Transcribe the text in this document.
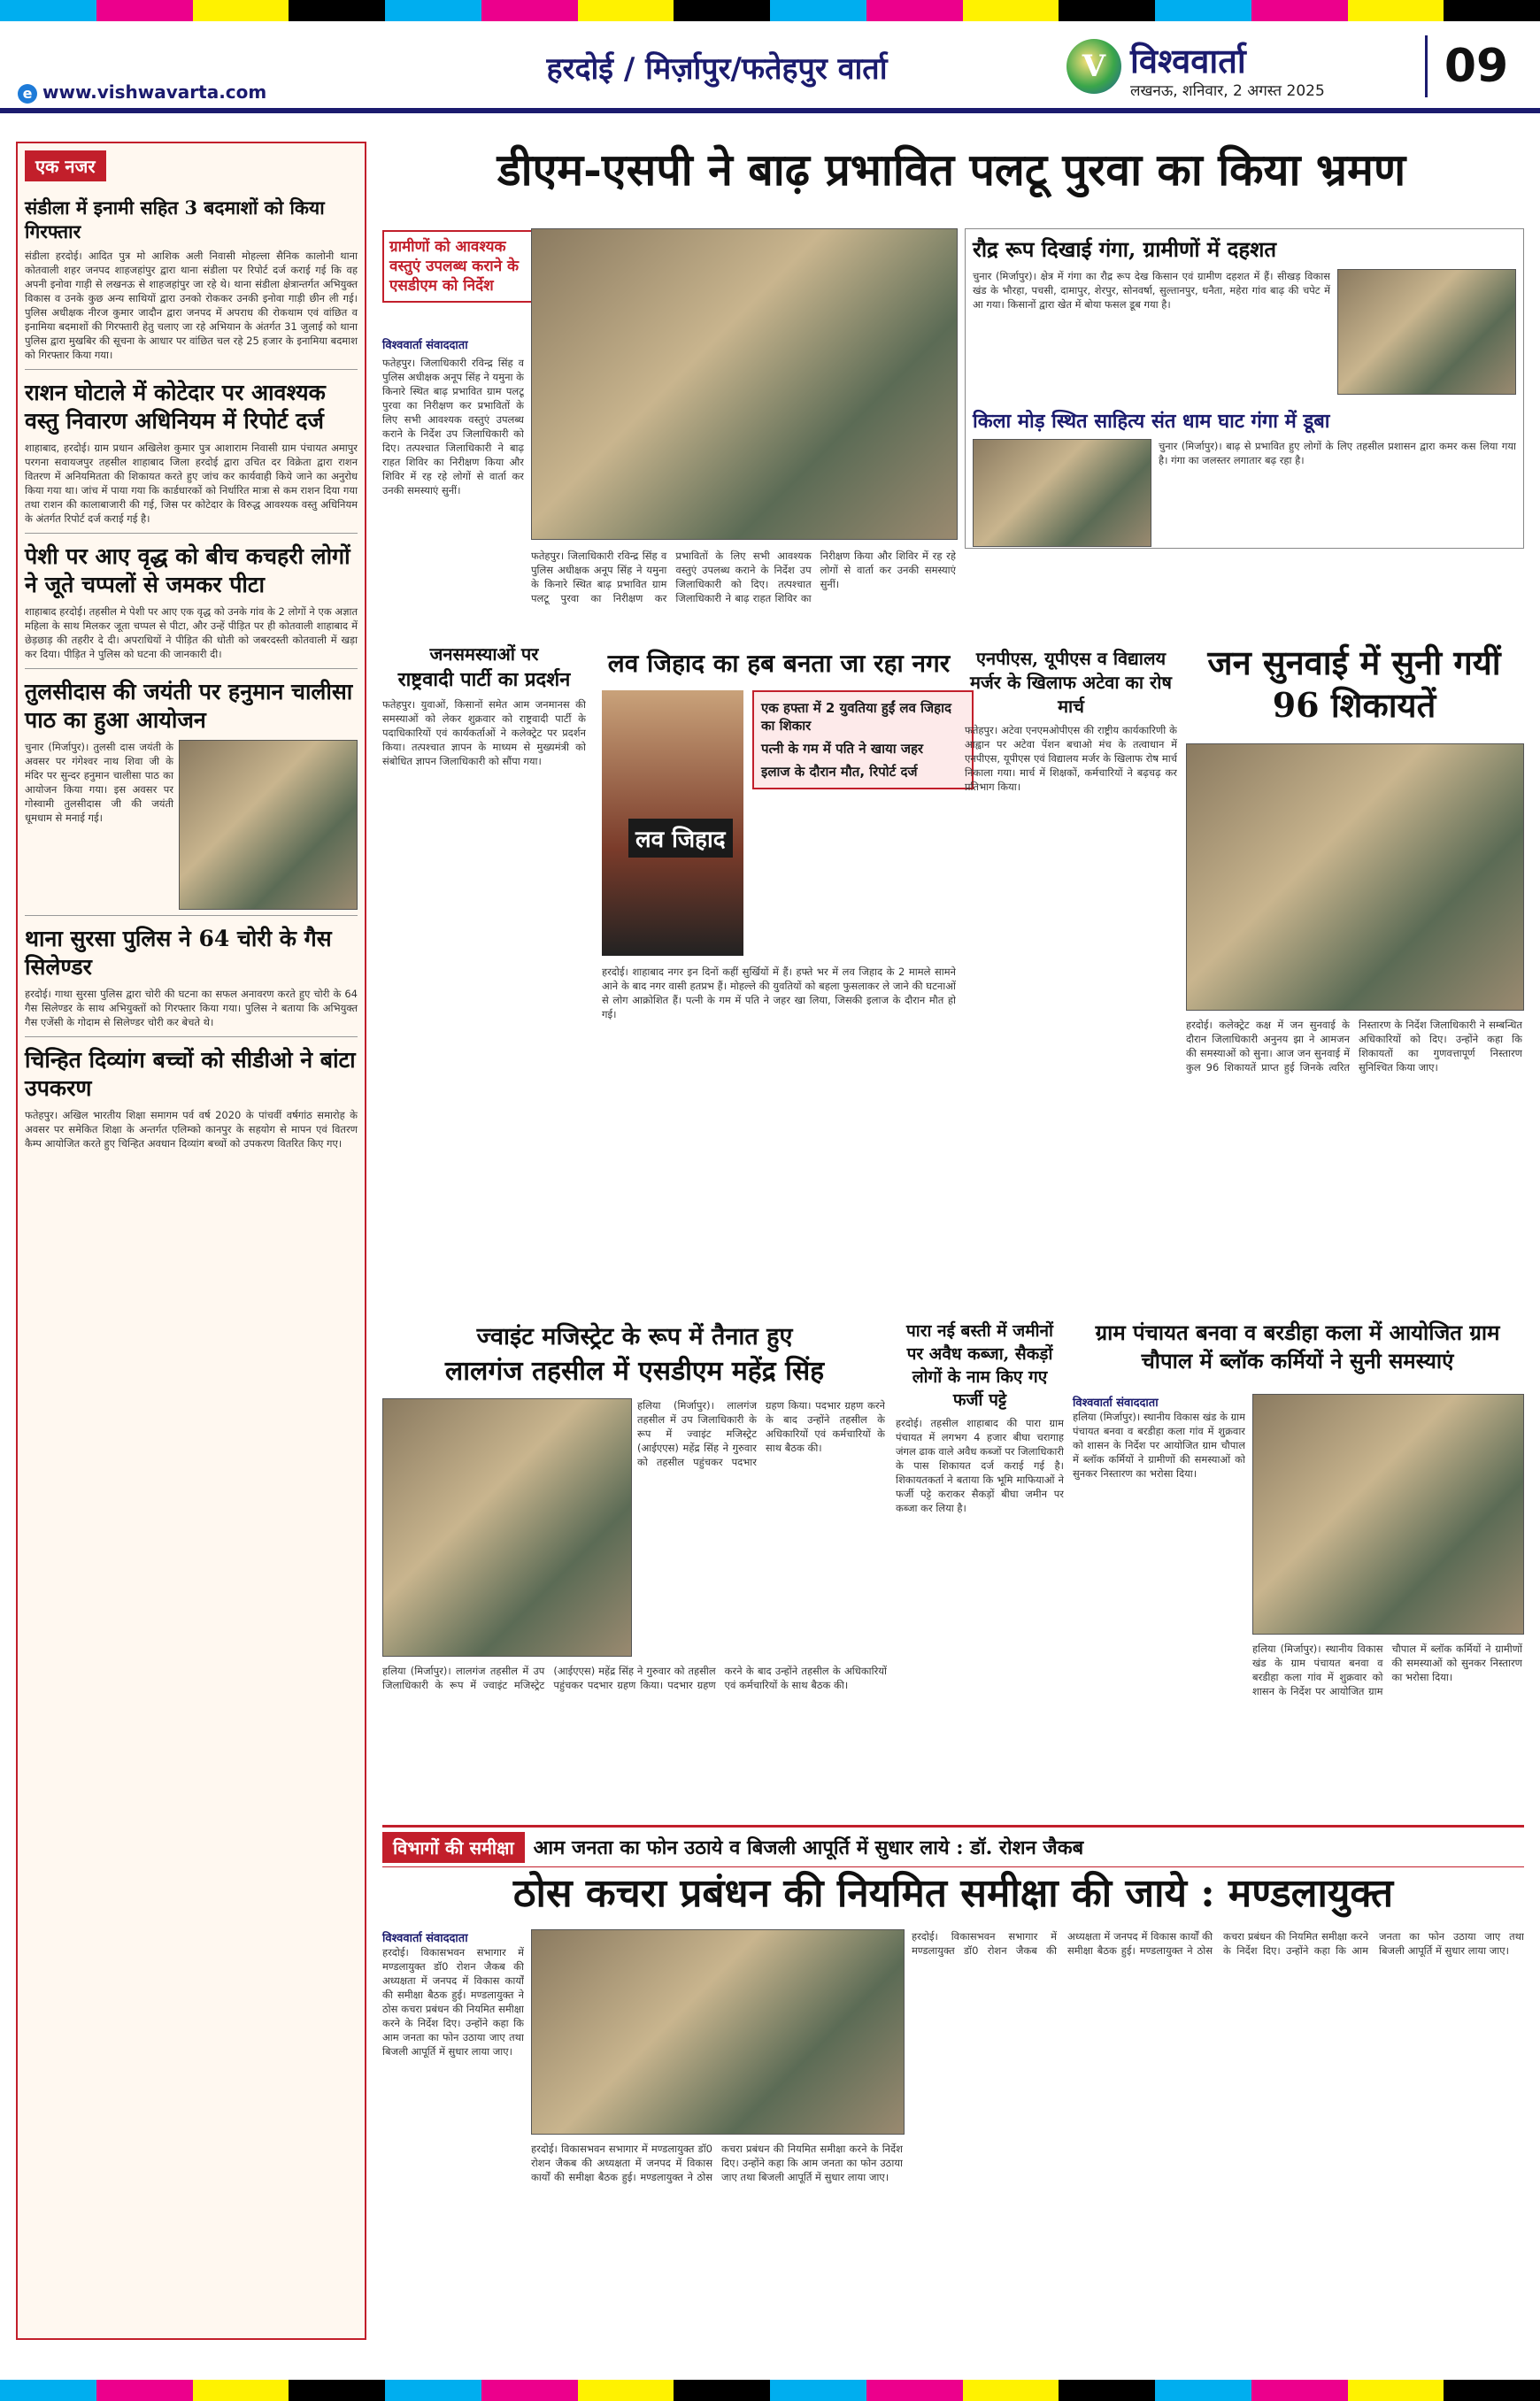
e www.vishwavarta.com
हरदोई / मिर्ज़ापुर/फतेहपुर वार्ता	V विश्ववार्ता
लखनऊ, शनिवार, 2 अगस्त 2025	09
एक नजर
संडीला में इनामी सहित 3 बदमाशों को किया गिरफ्तार
संडीला हरदोई। आदित पुत्र मो आशिक अली निवासी मोहल्ला सैनिक कालोनी थाना कोतवाली शहर जनपद शाहजहांपुर द्वारा थाना संडीला पर रिपोर्ट दर्ज कराई गई कि वह अपनी इनोवा गाड़ी से लखनऊ से शाहजहांपुर जा रहे थे। थाना संडीला क्षेत्रान्तर्गत अभियुक्त विकास व उनके कुछ अन्य साथियों द्वारा उनको रोककर उनकी इनोवा गाड़ी छीन ली गई। पुलिस अधीक्षक नीरज कुमार जादौन द्वारा जनपद में अपराध की रोकथाम एवं वांछित व इनामिया बदमाशों की गिरफ्तारी हेतु चलाए जा रहे अभियान के अंतर्गत 31 जुलाई को थाना पुलिस द्वारा मुखबिर की सूचना के आधार पर वांछित चल रहे 25 हजार के इनामिया बदमाश को गिरफ्तार किया गया।
राशन घोटाले में कोटेदार पर आवश्यक वस्तु निवारण अधिनियम में रिपोर्ट दर्ज
शाहाबाद, हरदोई। ग्राम प्रधान अखिलेश कुमार पुत्र आशाराम निवासी ग्राम पंचायत अमापुर परगना सवायजपुर तहसील शाहाबाद जिला हरदोई द्वारा उचित दर विक्रेता द्वारा राशन वितरण में अनियमितता की शिकायत करते हुए जांच कर कार्यवाही किये जाने का अनुरोध किया गया था। जांच में पाया गया कि कार्डधारकों को निर्धारित मात्रा से कम राशन दिया गया तथा राशन की कालाबाजारी की गई, जिस पर कोटेदार के विरुद्ध आवश्यक वस्तु अधिनियम के अंतर्गत रिपोर्ट दर्ज कराई गई है।
पेशी पर आए वृद्ध को बीच कचहरी लोगों ने जूते चप्पलों से जमकर पीटा
शाहाबाद हरदोई। तहसील मे पेशी पर आए एक वृद्ध को उनके गांव के 2 लोगों ने एक अज्ञात महिला के साथ मिलकर जूता चप्पल से पीटा, और उन्हें पीड़ित पर ही कोतवाली शाहाबाद में छेड़छाड़ की तहरीर दे दी। अपराधियों ने पीड़ित की धोती को जबरदस्ती कोतवाली में खड़ा कर दिया। पीड़ित ने पुलिस को घटना की जानकारी दी।
तुलसीदास की जयंती पर हनुमान चालीसा पाठ का हुआ आयोजन
चुनार (मिर्जापुर)। तुलसी दास जयंती के अवसर पर गंगेश्वर नाथ शिवा जी के मंदिर पर सुन्दर हनुमान चालीसा पाठ का आयोजन किया गया। इस अवसर पर गोस्वामी तुलसीदास जी की जयंती धूमधाम से मनाई गई।
थाना सुरसा पुलिस ने 64 चोरी के गैस सिलेण्डर
हरदोई। गाथा सुरसा पुलिस द्वारा चोरी की घटना का सफल अनावरण करते हुए चोरी के 64 गैस सिलेण्डर के साथ अभियुक्तों को गिरफ्तार किया गया। पुलिस ने बताया कि अभियुक्त गैस एजेंसी के गोदाम से सिलेण्डर चोरी कर बेचते थे।
चिन्हित दिव्यांग बच्चों को सीडीओ ने बांटा उपकरण
फतेहपुर। अखिल भारतीय शिक्षा समागम पर्व वर्ष 2020 के पांचवीं वर्षगांठ समारोह के अवसर पर समेकित शिक्षा के अन्तर्गत एलिम्को कानपुर के सहयोग से मापन एवं वितरण कैम्प आयोजित करते हुए चिन्हित अवधान दिव्यांग बच्चों को उपकरण वितरित किए गए।
डीएम-एसपी ने बाढ़ प्रभावित पलटू पुरवा का किया भ्रमण
ग्रामीणों को आवश्यक वस्तुएं उपलब्ध कराने के एसडीएम को निर्देश
विश्ववार्ता संवाददाता
फतेहपुर। जिलाधिकारी रविन्द्र सिंह व पुलिस अधीक्षक अनूप सिंह ने यमुना के किनारे स्थित बाढ़ प्रभावित ग्राम पलटू पुरवा का निरीक्षण कर प्रभावितों के लिए सभी आवश्यक वस्तुएं उपलब्ध कराने के निर्देश उप जिलाधिकारी को दिए। तत्पश्चात जिलाधिकारी ने बाढ़ राहत शिविर का निरीक्षण किया और शिविर में रह रहे लोगों से वार्ता कर उनकी समस्याएं सुनीं।
फतेहपुर। जिलाधिकारी रविन्द्र सिंह व पुलिस अधीक्षक अनूप सिंह ने यमुना के किनारे स्थित बाढ़ प्रभावित ग्राम पलटू पुरवा का निरीक्षण कर प्रभावितों के लिए सभी आवश्यक वस्तुएं उपलब्ध कराने के निर्देश उप जिलाधिकारी को दिए। तत्पश्चात जिलाधिकारी ने बाढ़ राहत शिविर का निरीक्षण किया और शिविर में रह रहे लोगों से वार्ता कर उनकी समस्याएं सुनीं।
रौद्र रूप दिखाई गंगा, ग्रामीणों में दहशत
चुनार (मिर्जापुर)। क्षेत्र में गंगा का रौद्र रूप देख किसान एवं ग्रामीण दहशत में हैं। सीखड़ विकास खंड के भौरहा, पचसी, दामापुर, शेरपुर, सोनवर्षा, सुल्तानपुर, धनैता, महेरा गांव बाढ़ की चपेट में आ गया। किसानों द्वारा खेत में बोया फसल डूब गया है।
किला मोड़ स्थित साहित्य संत धाम घाट गंगा में डूबा
चुनार (मिर्जापुर)। बाढ़ से प्रभावित हुए लोगों के लिए तहसील प्रशासन द्वारा कमर कस लिया गया है। गंगा का जलस्तर लगातार बढ़ रहा है।
जनसमस्याओं पर
राष्ट्रवादी पार्टी का प्रदर्शन
फतेहपुर। युवाओं, किसानों समेत आम जनमानस की समस्याओं को लेकर शुक्रवार को राष्ट्रवादी पार्टी के पदाधिकारियों एवं कार्यकर्ताओं ने कलेक्ट्रेट पर प्रदर्शन किया। तत्पश्चात ज्ञापन के माध्यम से मुख्यमंत्री को संबोधित ज्ञापन जिलाधिकारी को सौंपा गया।
लव जिहाद का हब बनता जा रहा नगर
लव जिहाद
एक हफ्ता में 2 युवतिया हुईं लव जिहाद का शिकार
पत्नी के गम में पति ने खाया जहर
इलाज के दौरान मौत, रिपोर्ट दर्ज
हरदोई। शाहाबाद नगर इन दिनों कहीं सुर्खियों में हैं। हफ्ते भर में लव जिहाद के 2 मामले सामने आने के बाद नगर वासी हतप्रभ हैं। मोहल्ले की युवतियों को बहला फुसलाकर ले जाने की घटनाओं से लोग आक्रोशित हैं। पत्नी के गम में पति ने जहर खा लिया, जिसकी इलाज के दौरान मौत हो गई।
एनपीएस, यूपीएस व विद्यालय मर्जर के खिलाफ अटेवा का रोष मार्च
फतेहपुर। अटेवा एनएमओपीएस की राष्ट्रीय कार्यकारिणी के आह्वान पर अटेवा पेंशन बचाओ मंच के तत्वाधान में एनपीएस, यूपीएस एवं विद्यालय मर्जर के खिलाफ रोष मार्च निकाला गया। मार्च में शिक्षकों, कर्मचारियों ने बढ़चढ़ कर प्रतिभाग किया।
जन सुनवाई में सुनी गयीं 96 शिकायतें
हरदोई। कलेक्ट्रेट कक्ष में जन सुनवाई के दौरान जिलाधिकारी अनुनय झा ने आमजन की समस्याओं को सुना। आज जन सुनवाई में कुल 96 शिकायतें प्राप्त हुई जिनके त्वरित निस्तारण के निर्देश जिलाधिकारी ने सम्बन्धित अधिकारियों को दिए। उन्होंने कहा कि शिकायतों का गुणवत्तापूर्ण निस्तारण सुनिश्चित किया जाए।
ज्वाइंट मजिस्ट्रेट के रूप में तैनात हुए
लालगंज तहसील में एसडीएम महेंद्र सिंह
हलिया (मिर्जापुर)। लालगंज तहसील में उप जिलाधिकारी के रूप में ज्वाइंट मजिस्ट्रेट (आईएएस) महेंद्र सिंह ने गुरुवार को तहसील पहुंचकर पदभार ग्रहण किया। पदभार ग्रहण करने के बाद उन्होंने तहसील के अधिकारियों एवं कर्मचारियों के साथ बैठक की।
हलिया (मिर्जापुर)। लालगंज तहसील में उप जिलाधिकारी के रूप में ज्वाइंट मजिस्ट्रेट (आईएएस) महेंद्र सिंह ने गुरुवार को तहसील पहुंचकर पदभार ग्रहण किया। पदभार ग्रहण करने के बाद उन्होंने तहसील के अधिकारियों एवं कर्मचारियों के साथ बैठक की।
पारा नई बस्ती में जमीनों पर अवैध कब्जा, सैकड़ों लोगों के नाम किए गए फर्जी पट्टे
हरदोई। तहसील शाहाबाद की पारा ग्राम पंचायत में लगभग 4 हजार बीघा चरागाह जंगल ढाक वाले अवैध कब्जों पर जिलाधिकारी के पास शिकायत दर्ज कराई गई है। शिकायतकर्ता ने बताया कि भूमि माफियाओं ने फर्जी पट्टे कराकर सैकड़ों बीघा जमीन पर कब्जा कर लिया है।
ग्राम पंचायत बनवा व बरडीहा कला में आयोजित ग्राम चौपाल में ब्लॉक कर्मियों ने सुनी समस्याएं
विश्ववार्ता संवाददाता
हलिया (मिर्जापुर)। स्थानीय विकास खंड के ग्राम पंचायत बनवा व बरडीहा कला गांव में शुक्रवार को शासन के निर्देश पर आयोजित ग्राम चौपाल में ब्लॉक कर्मियों ने ग्रामीणों की समस्याओं को सुनकर निस्तारण का भरोसा दिया।
हलिया (मिर्जापुर)। स्थानीय विकास खंड के ग्राम पंचायत बनवा व बरडीहा कला गांव में शुक्रवार को शासन के निर्देश पर आयोजित ग्राम चौपाल में ब्लॉक कर्मियों ने ग्रामीणों की समस्याओं को सुनकर निस्तारण का भरोसा दिया।
विभागों की समीक्षा	आम जनता का फोन उठाये व बिजली आपूर्ति में सुधार लाये : डॉ. रोशन जैकब
ठोस कचरा प्रबंधन की नियमित समीक्षा की जाये : मण्डलायुक्त
विश्ववार्ता संवाददाता
हरदोई। विकासभवन सभागार में मण्डलायुक्त डॉ0 रोशन जैकब की अध्यक्षता में जनपद में विकास कार्यों की समीक्षा बैठक हुई। मण्डलायुक्त ने ठोस कचरा प्रबंधन की नियमित समीक्षा करने के निर्देश दिए। उन्होंने कहा कि आम जनता का फोन उठाया जाए तथा बिजली आपूर्ति में सुधार लाया जाए।
हरदोई। विकासभवन सभागार में मण्डलायुक्त डॉ0 रोशन जैकब की अध्यक्षता में जनपद में विकास कार्यों की समीक्षा बैठक हुई। मण्डलायुक्त ने ठोस कचरा प्रबंधन की नियमित समीक्षा करने के निर्देश दिए। उन्होंने कहा कि आम जनता का फोन उठाया जाए तथा बिजली आपूर्ति में सुधार लाया जाए।
हरदोई। विकासभवन सभागार में मण्डलायुक्त डॉ0 रोशन जैकब की अध्यक्षता में जनपद में विकास कार्यों की समीक्षा बैठक हुई। मण्डलायुक्त ने ठोस कचरा प्रबंधन की नियमित समीक्षा करने के निर्देश दिए। उन्होंने कहा कि आम जनता का फोन उठाया जाए तथा बिजली आपूर्ति में सुधार लाया जाए।
